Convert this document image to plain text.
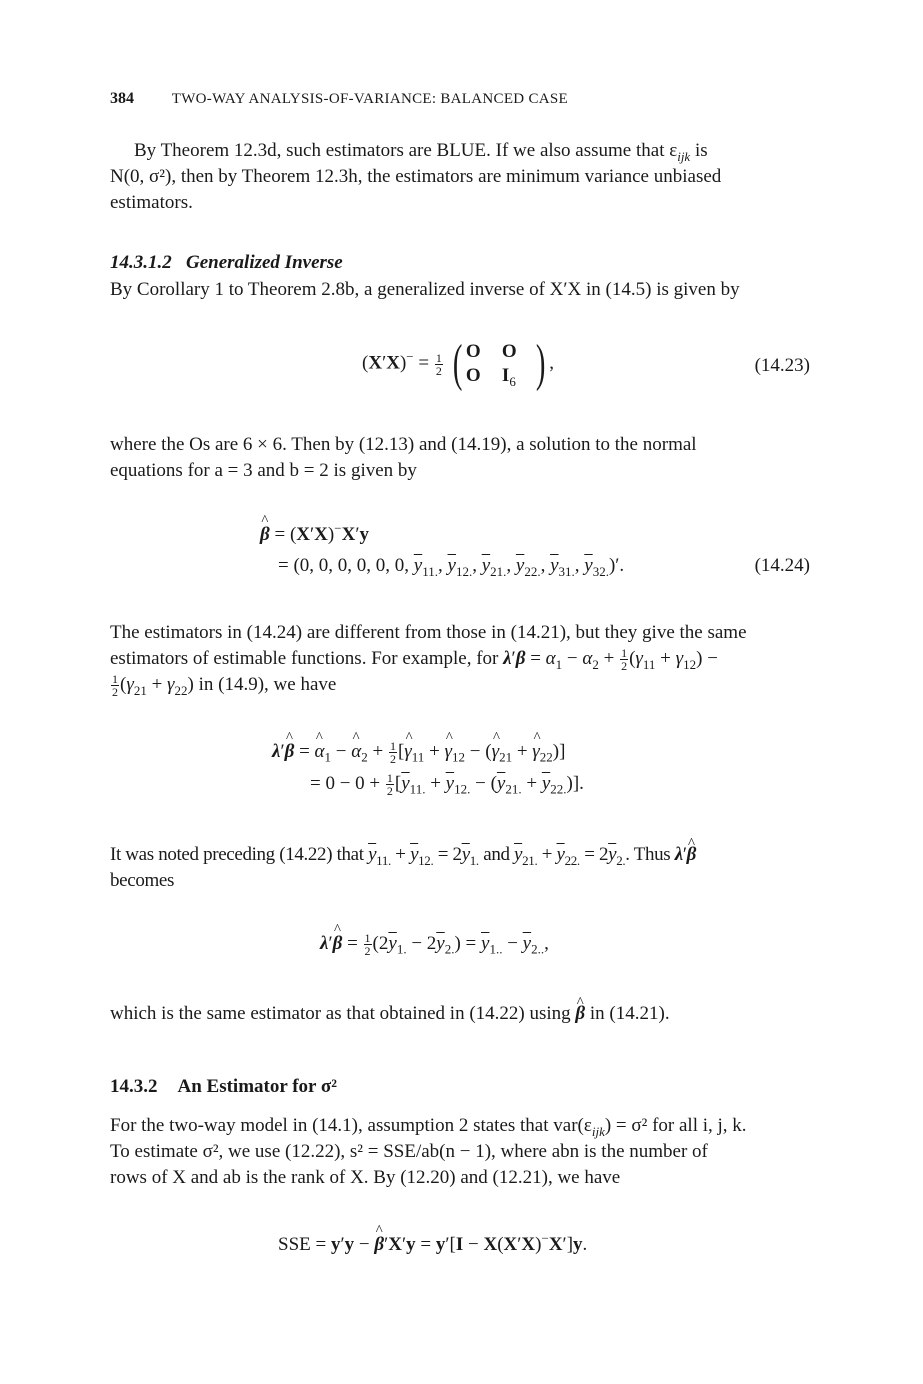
384	TWO-WAY ANALYSIS-OF-VARIANCE: BALANCED CASE
By Theorem 12.3d, such estimators are BLUE. If we also assume that $\varepsilon_{ijk}$ is
N(0, σ²), then by Theorem 12.3h, the estimators are minimum variance unbiased
estimators.
14.3.1.2 Generalized Inverse
By Corollary 1 to Theorem 2.8b, a generalized inverse of X′X in (14.5) is given by
$(X'X)^- = \frac{1}{2}$ ( O	O
O	$I_6$ ) ,	(14.23)
where the Os are 6 × 6. Then by (12.13) and (14.19), a solution to the normal
equations for a = 3 and b = 2 is given by
^ β = (X′X)−X′y
= (0, 0, 0, 0, 0, 0, $\overline{y}_{11.}$, $\overline{y}_{12.}$, $\overline{y}_{21.}$, $\overline{y}_{22.}$, $\overline{y}_{31.}$, $\overline{y}_{32.})'$.	(14.24)
The estimators in (14.24) are different from those in (14.21), but they give the same
estimators of estimable functions. For example, for $\lambda'\beta = \alpha_1 - \alpha_2 + \frac{1}{2} (\gamma_{11} + \gamma_{12})$ −

$\frac{1}{2} (\gamma_{21} + \gamma_{22})$ in (14.9), we have
λ′^ β = ^ $\alpha_1$ − ^ $\alpha_2 + \frac{1}{2}$ [^ $\gamma_{11}$ + ^ $\gamma_{12}$ − (^ $\gamma_{21}$ + ^ $\gamma_{22}$)]
= $0 - 0 + \frac{1}{2} [\overline{y}_{11.} + \overline{y}_{12.} - (\overline{y}_{21.} + \overline{y}_{22.})]$.
It was noted preceding (14.22) that $\overline{y}_{11.} + \overline{y}_{12.} = 2\overline{y}_{1.}$ and $\overline{y}_{21.} + \overline{y}_{22.} = 2\overline{y}_{2.}$. Thus λ′^ β
becomes
λ′^ $\beta = \frac{1}{2} (2\overline{y}_{1.} - 2\overline{y}_{2.}) = \overline{y}_{1..} - \overline{y}_{2..}$,
which is the same estimator as that obtained in (14.22) using ^ β in (14.21).
14.3.2 An Estimator for σ²
For the two-way model in (14.1), assumption 2 states that $var(\varepsilon_{ijk}) = \sigma^2$ for all i, j, k.
To estimate σ², we use (12.22), s² = SSE/ab(n − 1), where abn is the number of
rows of X and ab is the rank of X. By (12.20) and (12.21), we have
SSE = y′y − ^ β′X′y = y′[I − X(X′X)−X′]y.
